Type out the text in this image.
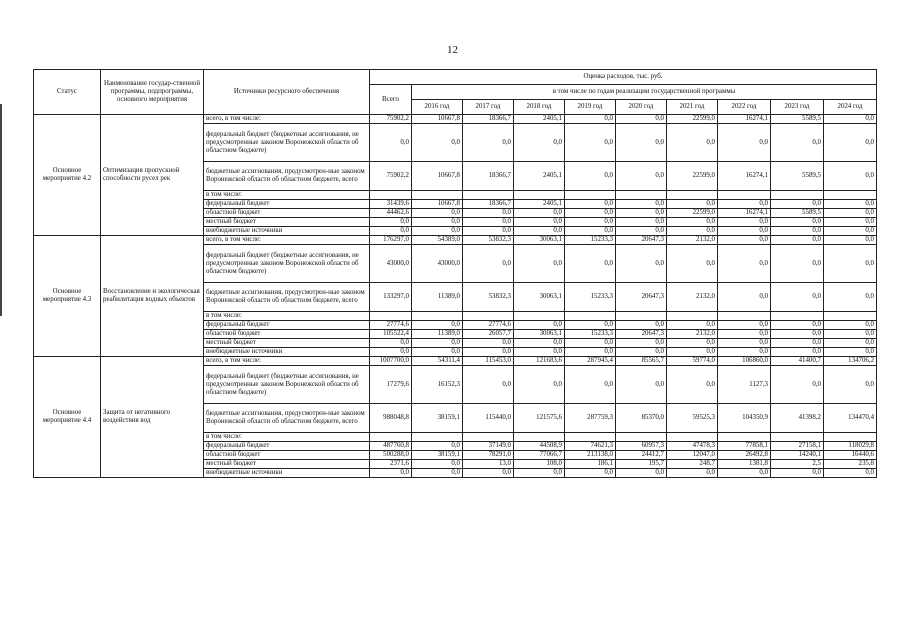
12
Статус	Наименование государ-ственной программы, подпрограммы, основного мероприятия	Источники ресурсного обеспечения	Оценка расходов, тыс. руб.									
			Всего	в том числе по годам реализации государственной программы								
				2016 год	2017 год	2018 год	2019 год	2020 год	2021 год	2022 год	2023 год	2024 год
Основное мероприятие 4.2	Оптимизация пропускной способности русел рек	всего, в том числе:	75902,2	10667,8	18366,7	2405,1	0,0	0,0	22599,0	16274,1	5589,5	0,0
		федеральный бюджет (бюджетные ассигнования, не предусмотренные законом Воронежской области об областном бюджете)	0,0	0,0	0,0	0,0	0,0	0,0	0,0	0,0	0,0	0,0
		бюджетные ассигнования, предусмотрен-ные законом Воронежской области об областном бюджете, всего	75902,2	10667,8	18366,7	2405,1	0,0	0,0	22599,0	16274,1	5589,5	0,0
		в том числе:										
		федеральный бюджет	31439,6	10667,8	18366,7	2405,1	0,0	0,0	0,0	0,0	0,0	0,0
		областной бюджет	44462,6	0,0	0,0	0,0	0,0	0,0	22599,0	16274,1	5589,5	0,0
		местный бюджет	0,0	0,0	0,0	0,0	0,0	0,0	0,0	0,0	0,0	0,0
		внебюджетные источники	0,0	0,0	0,0	0,0	0,0	0,0	0,0	0,0	0,0	0,0
Основное мероприятие 4.3	Восстановление и экологическая реабилитация водных объектов	всего, в том числе:	176297,0	54389,0	53832,3	30063,1	15233,3	20647,3	2132,0	0,0	0,0	0,0
		федеральный бюджет (бюджетные ассигнования, не предусмотренные законом Воронежской области об областном бюджете)	43000,0	43000,0	0,0	0,0	0,0	0,0	0,0	0,0	0,0	0,0
		бюджетные ассигнования, предусмотрен-ные законом Воронежской области об областном бюджете, всего	133297,0	11389,0	53832,3	30063,1	15233,3	20647,3	2132,0	0,0	0,0	0,0
		в том числе:										
		федеральный бюджет	27774,6	0,0	27774,6	0,0	0,0	0,0	0,0	0,0	0,0	0,0
		областной бюджет	105522,4	11389,0	26057,7	30063,1	15233,3	20647,3	2132,0	0,0	0,0	0,0
		местный бюджет	0,0	0,0	0,0	0,0	0,0	0,0	0,0	0,0	0,0	0,0
		внебюджетные источники	0,0	0,0	0,0	0,0	0,0	0,0	0,0	0,0	0,0	0,0
Основное мероприятие 4.4	Защита от негативного воздействия вод	всего, в том числе:	1007700,0	54311,4	115453,0	121683,6	287945,4	85565,7	59774,0	106860,0	41400,7	134706,2
		федеральный бюджет (бюджетные ассигнования, не предусмотренные законом Воронежской области об областном бюджете)	17279,6	16152,3	0,0	0,0	0,0	0,0	0,0	1127,3	0,0	0,0
		бюджетные ассигнования, предусмотрен-ные законом Воронежской области об областном бюджете, всего	988048,8	38159,1	115440,0	121575,6	287759,3	85370,0	59525,3	104350,9	41398,2	134470,4
		в том числе:										
		федеральный бюджет	487760,8	0,0	37149,0	44508,9	74621,3	60957,3	47478,3	77858,1	27158,1	118029,8
		областной бюджет	500288,0	38159,1	78291,0	77066,7	213138,0	24412,7	12047,0	26492,8	14240,1	16440,6
		местный бюджет	2371,6	0,0	13,0	108,0	186,1	195,7	248,7	1381,8	2,5	235,8
		внебюджетные источники	0,0	0,0	0,0	0,0	0,0	0,0	0,0	0,0	0,0	0,0
